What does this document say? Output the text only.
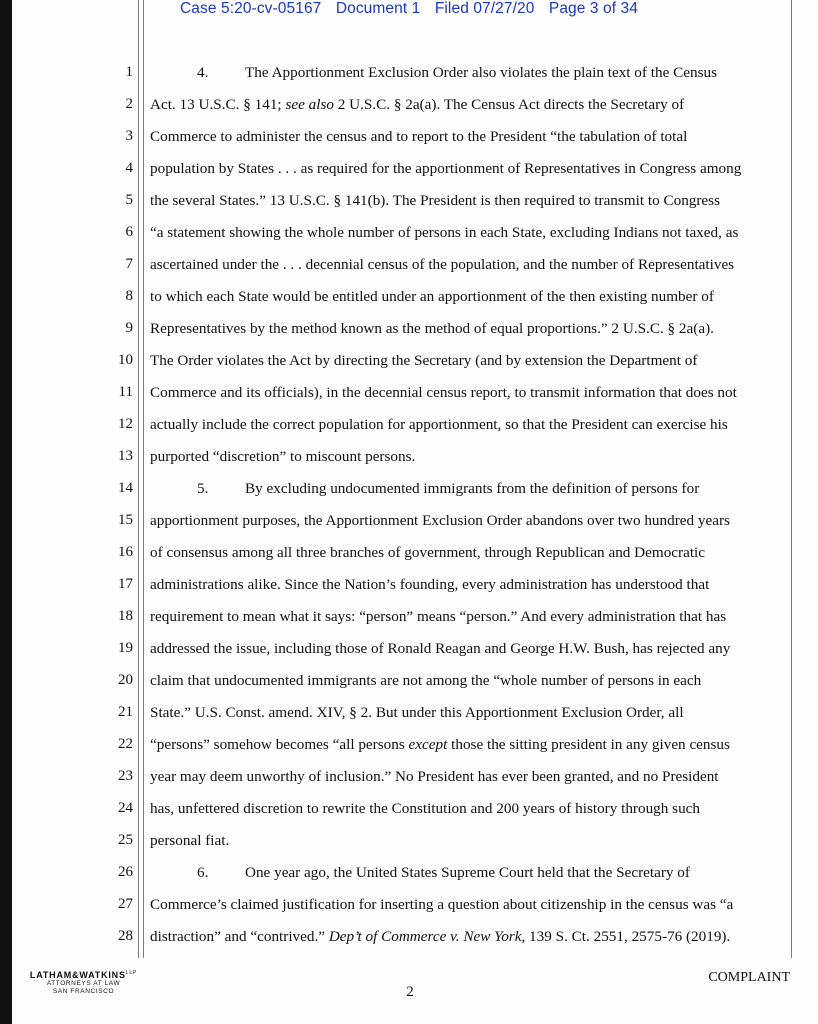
Case 5:20-cv-05167 Document 1 Filed 07/27/20 Page 3 of 34
1
2
3
4
5
6
7
8
9
10
11
12
13
14
15
16
17
18
19
20
21
22
23
24
25
26
27
28
4. The Apportionment Exclusion Order also violates the plain text of the Census
Act. 13 U.S.C. § 141; see also 2 U.S.C. § 2a(a). The Census Act directs the Secretary of
Commerce to administer the census and to report to the President “the tabulation of total
population by States . . . as required for the apportionment of Representatives in Congress among
the several States.” 13 U.S.C. § 141(b). The President is then required to transmit to Congress
“a statement showing the whole number of persons in each State, excluding Indians not taxed, as
ascertained under the . . . decennial census of the population, and the number of Representatives
to which each State would be entitled under an apportionment of the then existing number of
Representatives by the method known as the method of equal proportions.” 2 U.S.C. § 2a(a).
The Order violates the Act by directing the Secretary (and by extension the Department of
Commerce and its officials), in the decennial census report, to transmit information that does not
actually include the correct population for apportionment, so that the President can exercise his
purported “discretion” to miscount persons.
5. By excluding undocumented immigrants from the definition of persons for
apportionment purposes, the Apportionment Exclusion Order abandons over two hundred years
of consensus among all three branches of government, through Republican and Democratic
administrations alike. Since the Nation’s founding, every administration has understood that
requirement to mean what it says: “person” means “person.” And every administration that has
addressed the issue, including those of Ronald Reagan and George H.W. Bush, has rejected any
claim that undocumented immigrants are not among the “whole number of persons in each
State.” U.S. Const. amend. XIV, § 2. But under this Apportionment Exclusion Order, all
“persons” somehow becomes “all persons except those the sitting president in any given census
year may deem unworthy of inclusion.” No President has ever been granted, and no President
has, unfettered discretion to rewrite the Constitution and 200 years of history through such
personal fiat.
6. One year ago, the United States Supreme Court held that the Secretary of
Commerce’s claimed justification for inserting a question about citizenship in the census was “a
distraction” and “contrived.” Dep’t of Commerce v. New York, 139 S. Ct. 2551, 2575-76 (2019).
$LATHAM\&WATKINS^{LLP}$
ATTORNEYS AT LAW
SAN FRANCISCO	2
COMPLAINT
